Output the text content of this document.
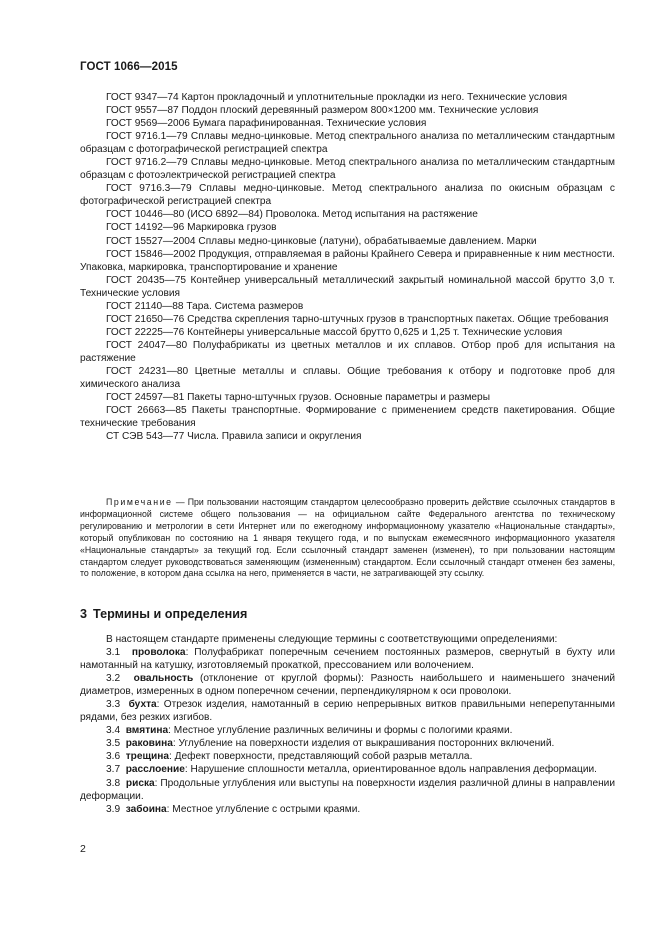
ГОСТ 1066—2015

ГОСТ 9347—74 Картон прокладочный и уплотнительные прокладки из него. Технические условия

ГОСТ 9557—87 Поддон плоский деревянный размером 800×1200 мм. Технические условия

ГОСТ 9569—2006 Бумага парафинированная. Технические условия

ГОСТ 9716.1—79 Сплавы медно-цинковые. Метод спектрального анализа по металлическим стандартным образцам с фотографической регистрацией спектра

ГОСТ 9716.2—79 Сплавы медно-цинковые. Метод спектрального анализа по металлическим стандартным образцам с фотоэлектрической регистрацией спектра

ГОСТ 9716.3—79 Сплавы медно-цинковые. Метод спектрального анализа по окисным образцам с фотографической регистрацией спектра

ГОСТ 10446—80 (ИСО 6892—84) Проволока. Метод испытания на растяжение

ГОСТ 14192—96 Маркировка грузов

ГОСТ 15527—2004 Сплавы медно-цинковые (латуни), обрабатываемые давлением. Марки

ГОСТ 15846—2002 Продукция, отправляемая в районы Крайнего Севера и приравненные к ним местности. Упаковка, маркировка, транспортирование и хранение

ГОСТ 20435—75 Контейнер универсальный металлический закрытый номинальной массой брутто 3,0 т. Технические условия

ГОСТ 21140—88 Тара. Система размеров

ГОСТ 21650—76 Средства скрепления тарно-штучных грузов в транспортных пакетах. Общие требования

ГОСТ 22225—76 Контейнеры универсальные массой брутто 0,625 и 1,25 т. Технические условия

ГОСТ 24047—80 Полуфабрикаты из цветных металлов и их сплавов. Отбор проб для испытания на растяжение

ГОСТ 24231—80 Цветные металлы и сплавы. Общие требования к отбору и подготовке проб для химического анализа

ГОСТ 24597—81 Пакеты тарно-штучных грузов. Основные параметры и размеры

ГОСТ 26663—85 Пакеты транспортные. Формирование с применением средств пакетирования. Общие технические требования

СТ СЭВ 543—77 Числа. Правила записи и округления

Примечание — При пользовании настоящим стандартом целесообразно проверить действие ссылочных стандартов в информационной системе общего пользования — на официальном сайте Федерального агентства по техническому регулированию и метрологии в сети Интернет или по ежегодному информационному указателю «Национальные стандарты», который опубликован по состоянию на 1 января текущего года, и по выпускам ежемесячного информационного указателя «Национальные стандарты» за текущий год. Если ссылочный стандарт заменен (изменен), то при пользовании настоящим стандартом следует руководствоваться заменяющим (измененным) стандартом. Если ссылочный стандарт отменен без замены, то положение, в котором дана ссылка на него, применяется в части, не затрагивающей эту ссылку.

3 Термины и определения

В настоящем стандарте применены следующие термины с соответствующими определениями:

3.1 проволока: Полуфабрикат поперечным сечением постоянных размеров, свернутый в бухту или намотанный на катушку, изготовляемый прокаткой, прессованием или волочением.

3.2 овальность (отклонение от круглой формы): Разность наибольшего и наименьшего значений диаметров, измеренных в одном поперечном сечении, перпендикулярном к оси проволоки.

3.3 бухта: Отрезок изделия, намотанный в серию непрерывных витков правильными неперепутанными рядами, без резких изгибов.

3.4 вмятина: Местное углубление различных величины и формы с пологими краями.

3.5 раковина: Углубление на поверхности изделия от выкрашивания посторонних включений.

3.6 трещина: Дефект поверхности, представляющий собой разрыв металла.

3.7 расслоение: Нарушение сплошности металла, ориентированное вдоль направления деформации.

3.8 риска: Продольные углубления или выступы на поверхности изделия различной длины в направлении деформации.

3.9 забоина: Местное углубление с острыми краями.

2
